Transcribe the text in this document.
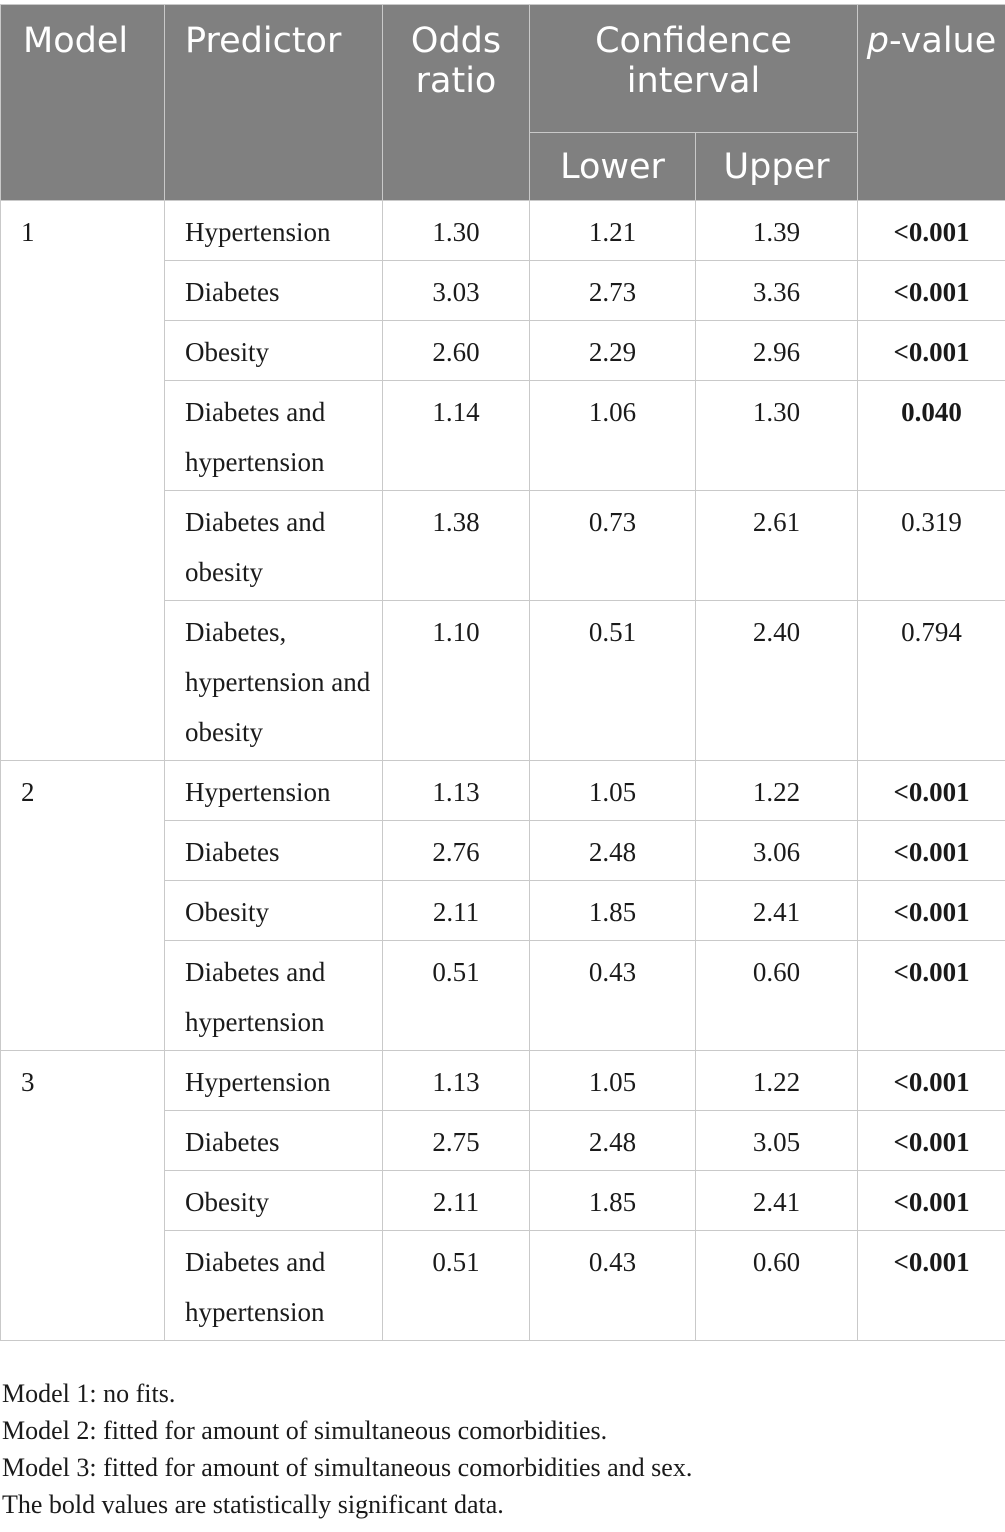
Model	Predictor	Odds ratio	Confidence interval		p-value
			Lower	Upper	
1	Hypertension	1.30	1.21	1.39	<0.001
	Diabetes	3.03	2.73	3.36	<0.001
	Obesity	2.60	2.29	2.96	<0.001
	Diabetes and hypertension	1.14	1.06	1.30	0.040
	Diabetes and obesity	1.38	0.73	2.61	0.319
	Diabetes, hypertension and obesity	1.10	0.51	2.40	0.794
2	Hypertension	1.13	1.05	1.22	<0.001
	Diabetes	2.76	2.48	3.06	<0.001
	Obesity	2.11	1.85	2.41	<0.001
	Diabetes and hypertension	0.51	0.43	0.60	<0.001
3	Hypertension	1.13	1.05	1.22	<0.001
	Diabetes	2.75	2.48	3.05	<0.001
	Obesity	2.11	1.85	2.41	<0.001
	Diabetes and hypertension	0.51	0.43	0.60	<0.001
Model 1: no fits.
Model 2: fitted for amount of simultaneous comorbidities.
Model 3: fitted for amount of simultaneous comorbidities and sex.
The bold values are statistically significant data.
